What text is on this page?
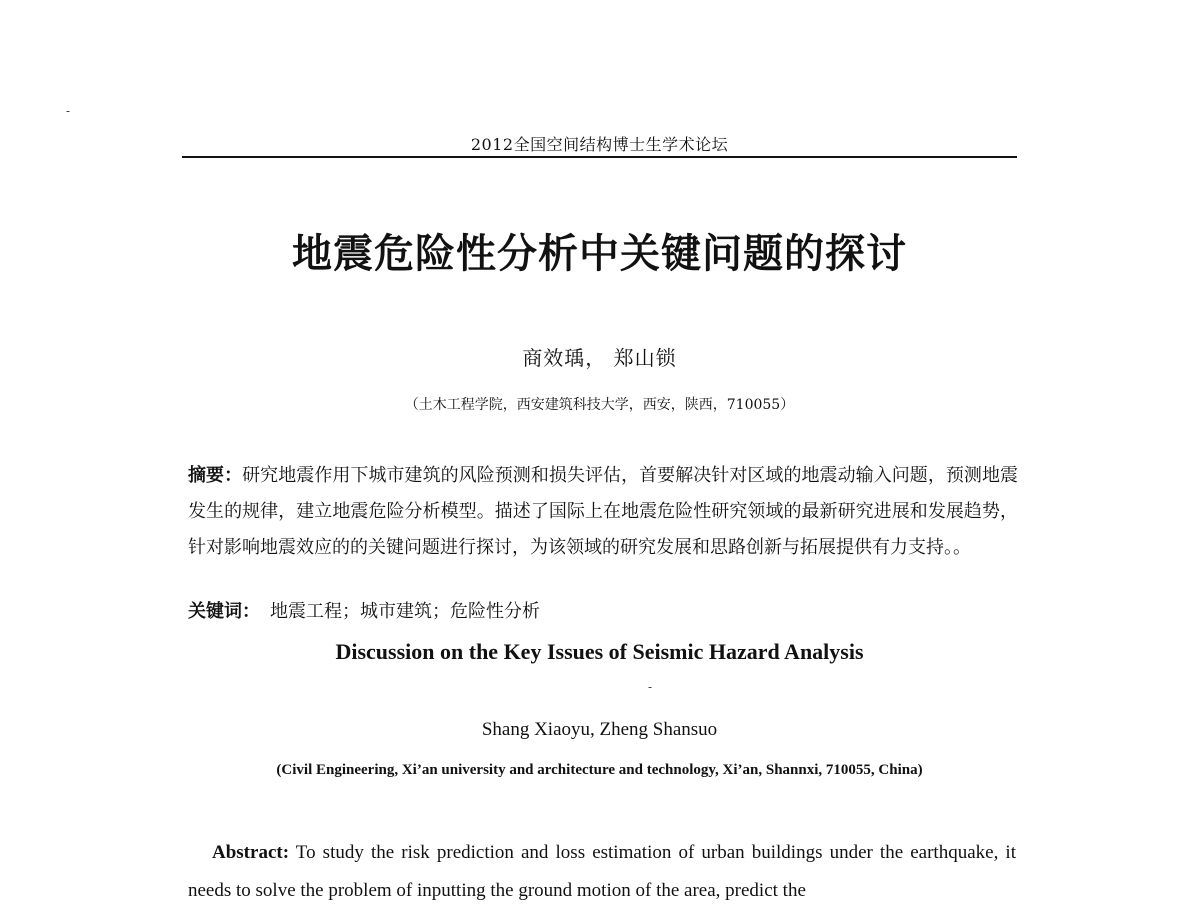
-
2012全国空间结构博士生学术论坛
地震危险性分析中关键问题的探讨
商效瑀， 郑山锁
（土木工程学院，西安建筑科技大学，西安，陕西，710055）
摘要：研究地震作用下城市建筑的风险预测和损失评估，首要解决针对区域的地震动输入问题，预测地震发生的规律，建立地震危险分析模型。描述了国际上在地震危险性研究领域的最新研究进展和发展趋势，针对影响地震效应的的关键问题进行探讨，为该领域的研究发展和思路创新与拓展提供有力支持。。
关键词： 地震工程；城市建筑；危险性分析
Discussion on the Key Issues of Seismic Hazard Analysis
-
Shang Xiaoyu, Zheng Shansuo
(Civil Engineering, Xi’an university and architecture and technology, Xi’an, Shannxi, 710055, China)
Abstract: To study the risk prediction and loss estimation of urban buildings under the earthquake, it needs to solve the problem of inputting the ground motion of the area, predict the
